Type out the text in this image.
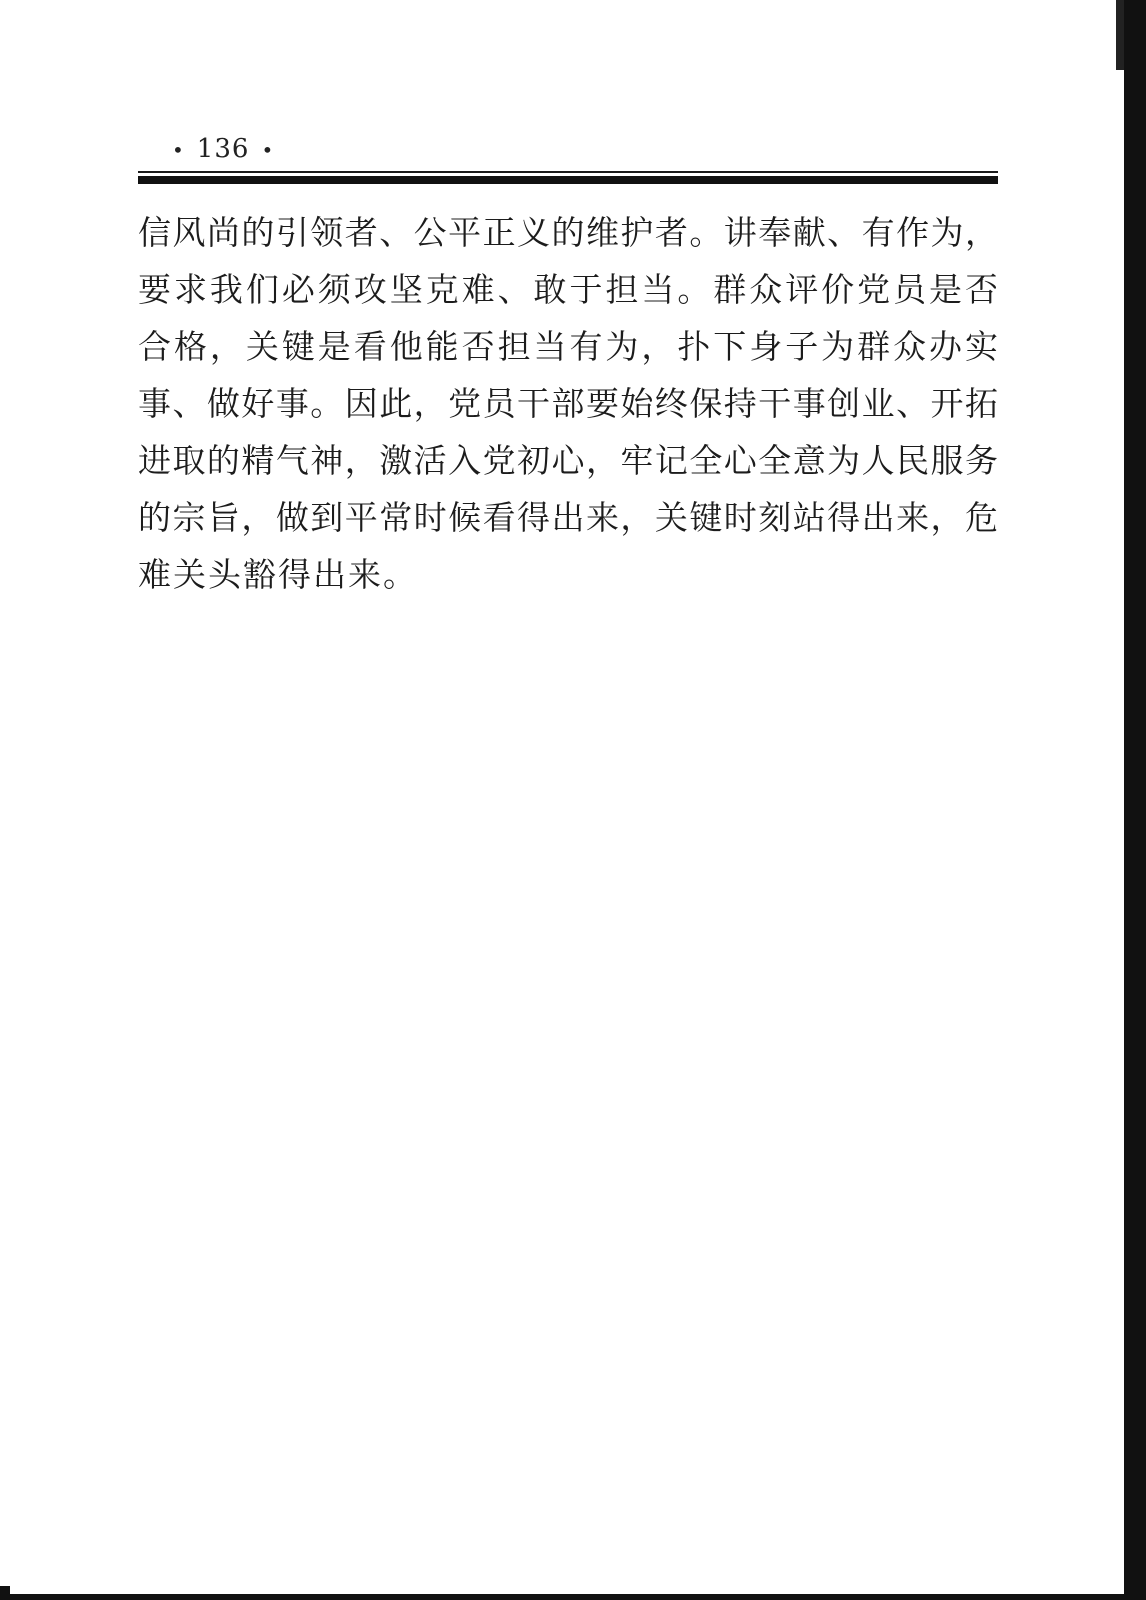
• 136 •
信风尚的引领者、公平正义的维护者。讲奉献、有作为，
要求我们必须攻坚克难、敢于担当。群众评价党员是否
合格，关键是看他能否担当有为，扑下身子为群众办实
事、做好事。因此，党员干部要始终保持干事创业、开拓
进取的精气神，激活入党初心，牢记全心全意为人民服务
的宗旨，做到平常时候看得出来，关键时刻站得出来，危
难关头豁得出来。
